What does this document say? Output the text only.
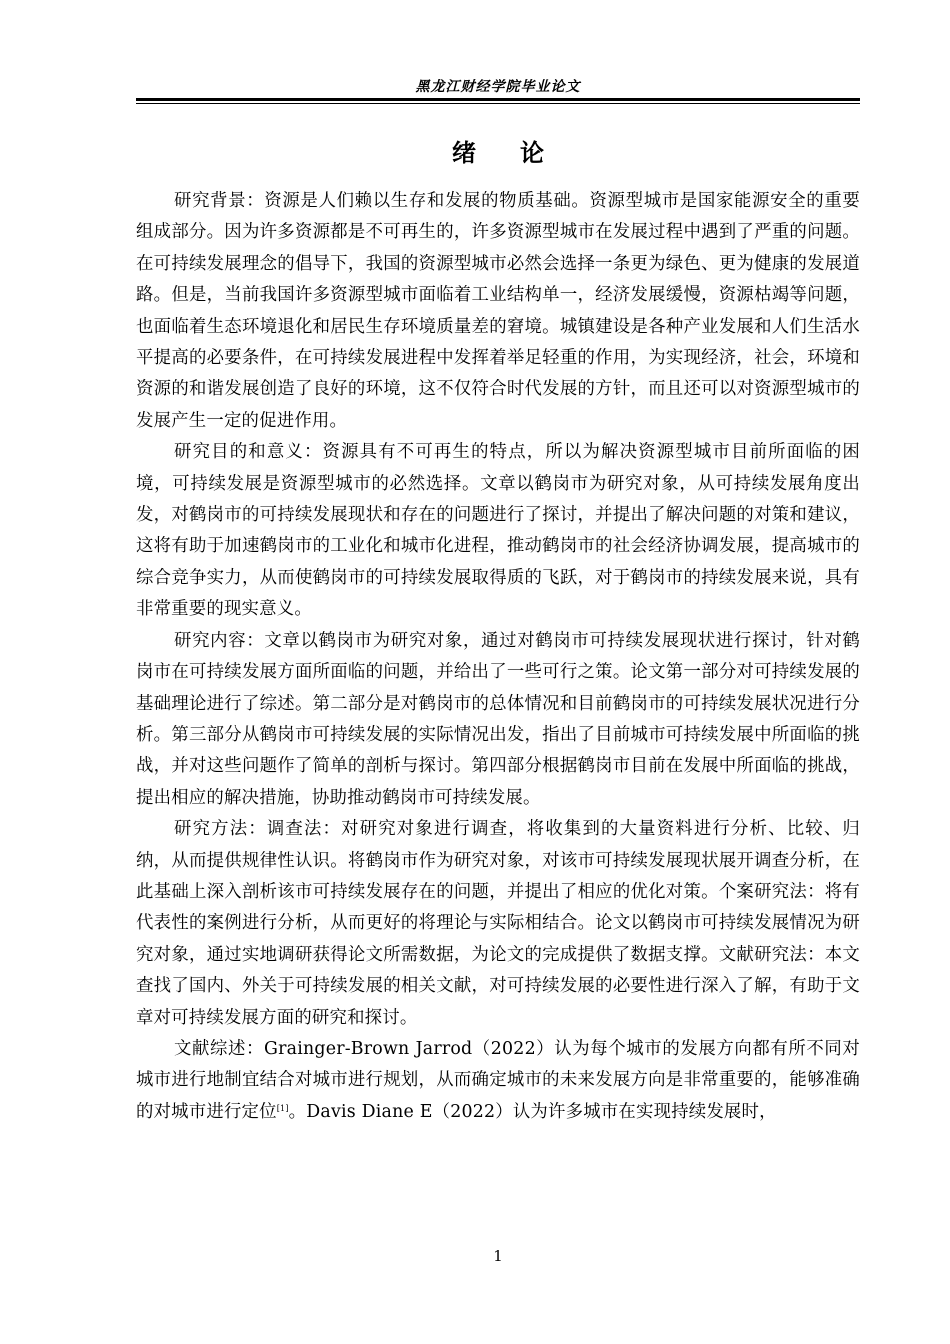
黑龙江财经学院毕业论文
绪论

研究背景：资源是人们赖以生存和发展的物质基础。资源型城市是国家能源安全的重要组成部分。因为许多资源都是不可再生的，许多资源型城市在发展过程中遇到了严重的问题。在可持续发展理念的倡导下，我国的资源型城市必然会选择一条更为绿色、更为健康的发展道路。但是，当前我国许多资源型城市面临着工业结构单一，经济发展缓慢，资源枯竭等问题，也面临着生态环境退化和居民生存环境质量差的窘境。城镇建设是各种产业发展和人们生活水平提高的必要条件，在可持续发展进程中发挥着举足轻重的作用，为实现经济，社会，环境和资源的和谐发展创造了良好的环境，这不仅符合时代发展的方针，而且还可以对资源型城市的发展产生一定的促进作用。

研究目的和意义：资源具有不可再生的特点，所以为解决资源型城市目前所面临的困境，可持续发展是资源型城市的必然选择。文章以鹤岗市为研究对象，从可持续发展角度出发，对鹤岗市的可持续发展现状和存在的问题进行了探讨，并提出了解决问题的对策和建议，这将有助于加速鹤岗市的工业化和城市化进程，推动鹤岗市的社会经济协调发展，提高城市的综合竞争实力，从而使鹤岗市的可持续发展取得质的飞跃，对于鹤岗市的持续发展来说，具有非常重要的现实意义。

研究内容：文章以鹤岗市为研究对象，通过对鹤岗市可持续发展现状进行探讨，针对鹤岗市在可持续发展方面所面临的问题，并给出了一些可行之策。论文第一部分对可持续发展的基础理论进行了综述。第二部分是对鹤岗市的总体情况和目前鹤岗市的可持续发展状况进行分析。第三部分从鹤岗市可持续发展的实际情况出发，指出了目前城市可持续发展中所面临的挑战，并对这些问题作了简单的剖析与探讨。第四部分根据鹤岗市目前在发展中所面临的挑战，提出相应的解决措施，协助推动鹤岗市可持续发展。

研究方法：调查法：对研究对象进行调查，将收集到的大量资料进行分析、比较、归纳，从而提供规律性认识。将鹤岗市作为研究对象，对该市可持续发展现状展开调查分析，在此基础上深入剖析该市可持续发展存在的问题，并提出了相应的优化对策。个案研究法：将有代表性的案例进行分析，从而更好的将理论与实际相结合。论文以鹤岗市可持续发展情况为研究对象，通过实地调研获得论文所需数据，为论文的完成提供了数据支撑。文献研究法：本文查找了国内、外关于可持续发展的相关文献，对可持续发展的必要性进行深入了解，有助于文章对可持续发展方面的研究和探讨。

文献综述：Grainger-Brown Jarrod（2022）认为每个城市的发展方向都有所不同对城市进行地制宜结合对城市进行规划，从而确定城市的未来发展方向是非常重要的，能够准确的对城市进行定位[1]。Davis Diane E（2022）认为许多城市在实现持续发展时，

1
